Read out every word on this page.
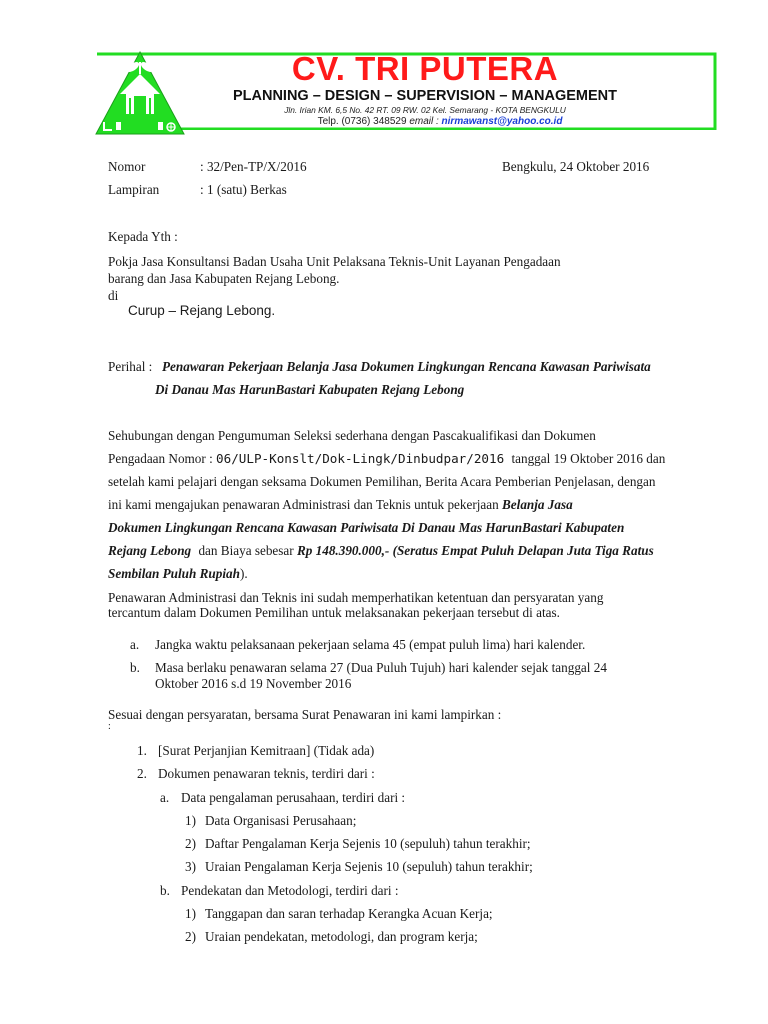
CV. TRI PUTERA
PLANNING – DESIGN – SUPERVISION – MANAGEMENT
Jln. Irian KM. 6,5 No. 42 RT. 09 RW. 02 Kel. Semarang - KOTA BENGKULU
Telp. (0736) 348529 email : nirmawanst@yahoo.co.id
Nomor	: 32/Pen-TP/X/2016	Bengkulu, 24 Oktober 2016
Lampiran	: 1 (satu) Berkas
Kepada Yth :
Pokja Jasa Konsultansi Badan Usaha Unit Pelaksana Teknis-Unit Layanan Pengadaan
barang dan Jasa Kabupaten Rejang Lebong.
di
Curup – Rejang Lebong.
Perihal : Penawaran Pekerjaan Belanja Jasa Dokumen Lingkungan Rencana Kawasan Pariwisata
Di Danau Mas HarunBastari Kabupaten Rejang Lebong
Sehubungan dengan Pengumuman Seleksi sederhana dengan Pascakualifikasi dan Dokumen
Pengadaan Nomor : 06/ULP-Konslt/Dok-Lingk/Dinbudpar/2016 tanggal 19 Oktober 2016 dan
setelah kami pelajari dengan seksama Dokumen Pemilihan, Berita Acara Pemberian Penjelasan, dengan
ini kami mengajukan penawaran Administrasi dan Teknis untuk pekerjaan Belanja Jasa
Dokumen Lingkungan Rencana Kawasan Pariwisata Di Danau Mas HarunBastari Kabupaten
Rejang Lebong dan Biaya sebesar Rp 148.390.000,- (Seratus Empat Puluh Delapan Juta Tiga Ratus
Sembilan Puluh Rupiah).
Penawaran Administrasi dan Teknis ini sudah memperhatikan ketentuan dan persyaratan yang
tercantum dalam Dokumen Pemilihan untuk melaksanakan pekerjaan tersebut di atas.
a. Jangka waktu pelaksanaan pekerjaan selama 45 (empat puluh lima) hari kalender.
b. Masa berlaku penawaran selama 27 (Dua Puluh Tujuh) hari kalender sejak tanggal 24
Oktober 2016 s.d 19 November 2016
Sesuai dengan persyaratan, bersama Surat Penawaran ini kami lampirkan :
:
1. [Surat Perjanjian Kemitraan] (Tidak ada)
2. Dokumen penawaran teknis, terdiri dari :
a. Data pengalaman perusahaan, terdiri dari :
1) Data Organisasi Perusahaan;
2) Daftar Pengalaman Kerja Sejenis 10 (sepuluh) tahun terakhir;
3) Uraian Pengalaman Kerja Sejenis 10 (sepuluh) tahun terakhir;
b. Pendekatan dan Metodologi, terdiri dari :
1) Tanggapan dan saran terhadap Kerangka Acuan Kerja;
2) Uraian pendekatan, metodologi, dan program kerja;
